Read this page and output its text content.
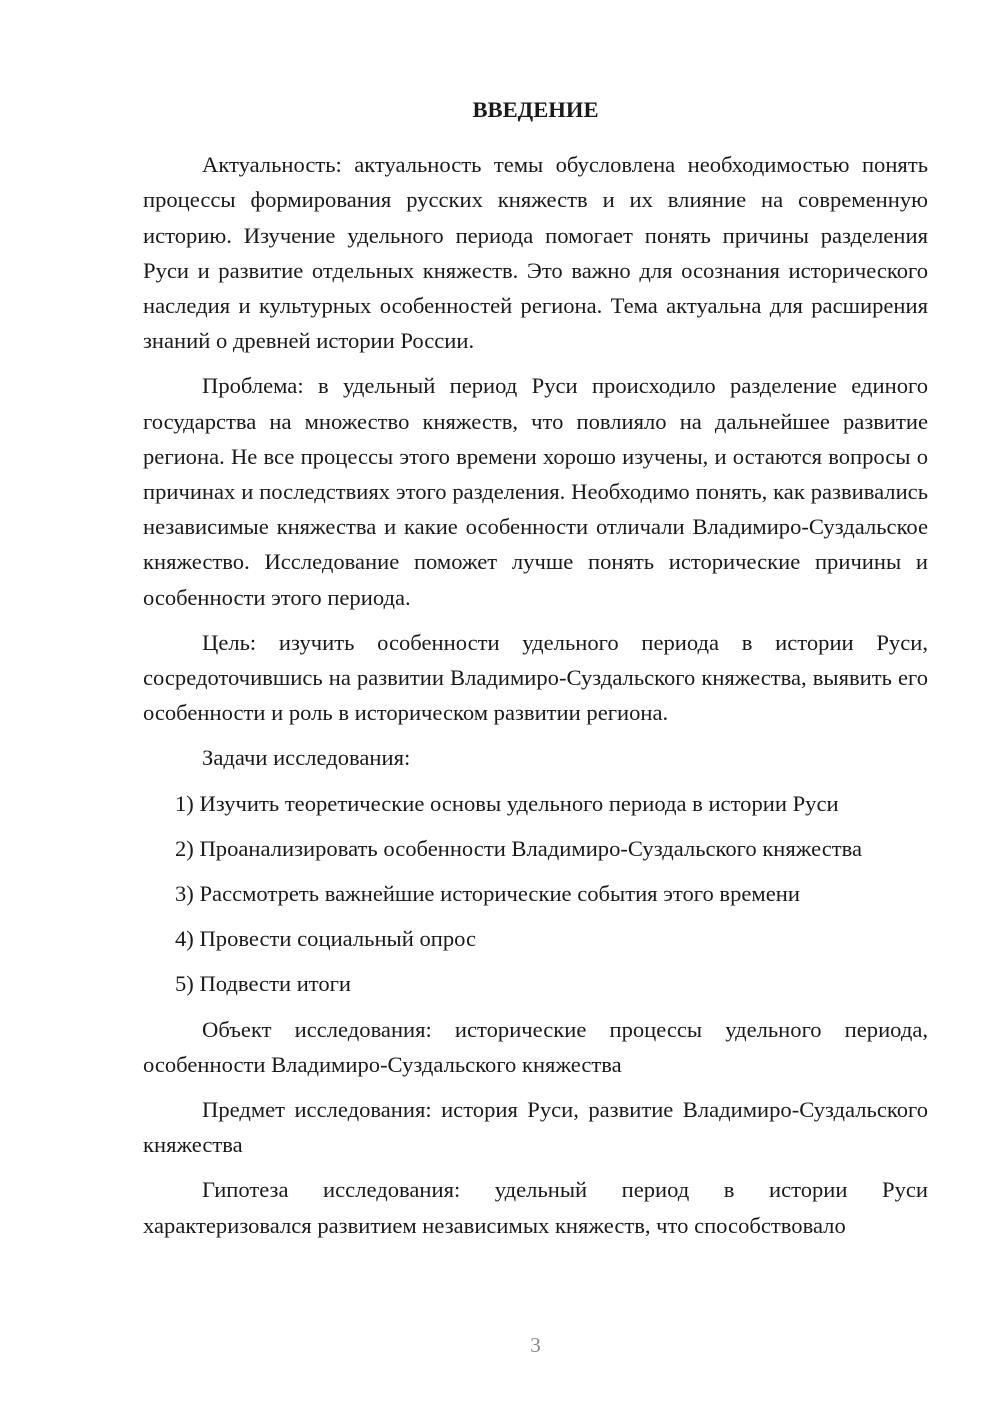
ВВЕДЕНИЕ

Актуальность: актуальность темы обусловлена необходимостью понять процессы формирования русских княжеств и их влияние на современную историю. Изучение удельного периода помогает понять причины разделения Руси и развитие отдельных княжеств. Это важно для осознания исторического наследия и культурных особенностей региона. Тема актуальна для расширения знаний о древней истории России.

Проблема: в удельный период Руси происходило разделение единого государства на множество княжеств, что повлияло на дальнейшее развитие региона. Не все процессы этого времени хорошо изучены, и остаются вопросы о причинах и последствиях этого разделения. Необходимо понять, как развивались независимые княжества и какие особенности отличали Владимиро-Суздальское княжество. Исследование поможет лучше понять исторические причины и особенности этого периода.

Цель: изучить особенности удельного периода в истории Руси, сосредоточившись на развитии Владимиро-Суздальского княжества, выявить его особенности и роль в историческом развитии региона.

Задачи исследования:

1) Изучить теоретические основы удельного периода в истории Руси

2) Проанализировать особенности Владимиро-Суздальского княжества

3) Рассмотреть важнейшие исторические события этого времени

4) Провести социальный опрос

5) Подвести итоги

Объект исследования: исторические процессы удельного периода, особенности Владимиро-Суздальского княжества

Предмет исследования: история Руси, развитие Владимиро-Суздальского княжества

Гипотеза исследования: удельный период в истории Руси характеризовался развитием независимых княжеств, что способствовало

3
